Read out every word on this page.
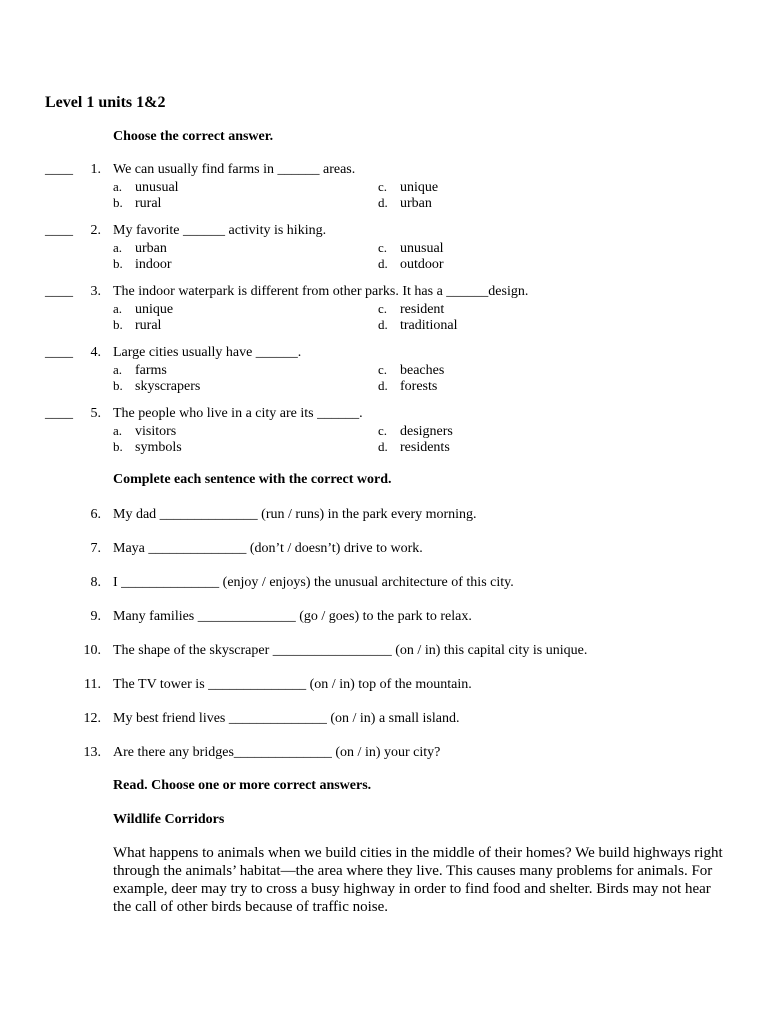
Level 1 units 1&2

Choose the correct answer.

____	1. We can usually find farms in ______ areas.
a. unusual
b. rural
c. unique
d. urban
____	2. My favorite ______ activity is hiking.
a. urban
b. indoor
c. unusual
d. outdoor
____	3. The indoor waterpark is different from other parks. It has a ______design.
a. unique
b. rural
c. resident
d. traditional
____	4. Large cities usually have ______.
a. farms
b. skyscrapers
c. beaches
d. forests
____	5. The people who live in a city are its ______.
a. visitors
b. symbols
c. designers
d. residents

Complete each sentence with the correct word.

6. My dad ______________ (run / runs) in the park every morning.
7. Maya ______________ (don’t / doesn’t) drive to work.
8. I ______________ (enjoy / enjoys) the unusual architecture of this city.
9. Many families ______________ (go / goes) to the park to relax.
10. The shape of the skyscraper _________________ (on / in) this capital city is unique.
11. The TV tower is ______________ (on / in) top of the mountain.
12. My best friend lives ______________ (on / in) a small island.
13. Are there any bridges______________ (on / in) your city?

Read. Choose one or more correct answers.

Wildlife Corridors

What happens to animals when we build cities in the middle of their homes? We build highways right through the animals’ habitat—the area where they live. This causes many problems for animals. For example, deer may try to cross a busy highway in order to find food and shelter. Birds may not hear the call of other birds because of traffic noise.
